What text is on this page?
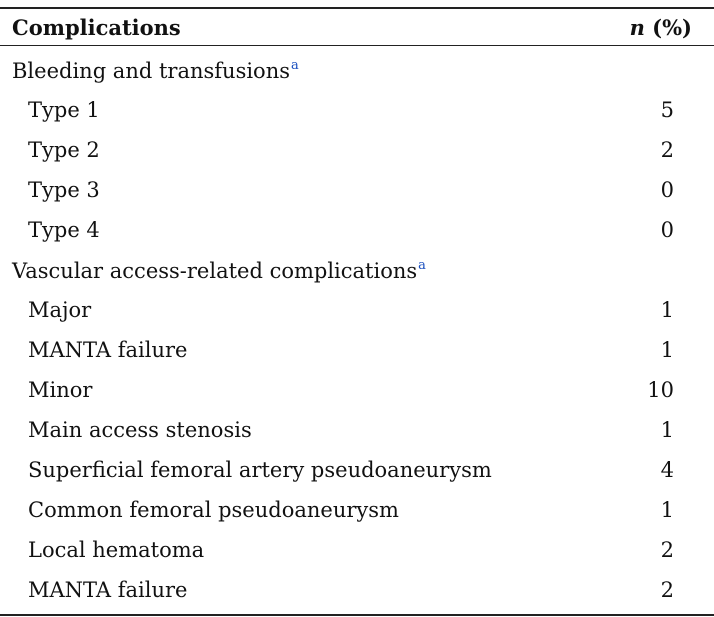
Complications	n (%)
Bleeding and transfusions$^a$
Type 1	5
Type 2	2
Type 3	0
Type 4	0
Vascular access-related complications$^a$
Major	1
MANTA failure	1
Minor	10
Main access stenosis	1
Superficial femoral artery pseudoaneurysm	4
Common femoral pseudoaneurysm	1
Local hematoma	2
MANTA failure	2
